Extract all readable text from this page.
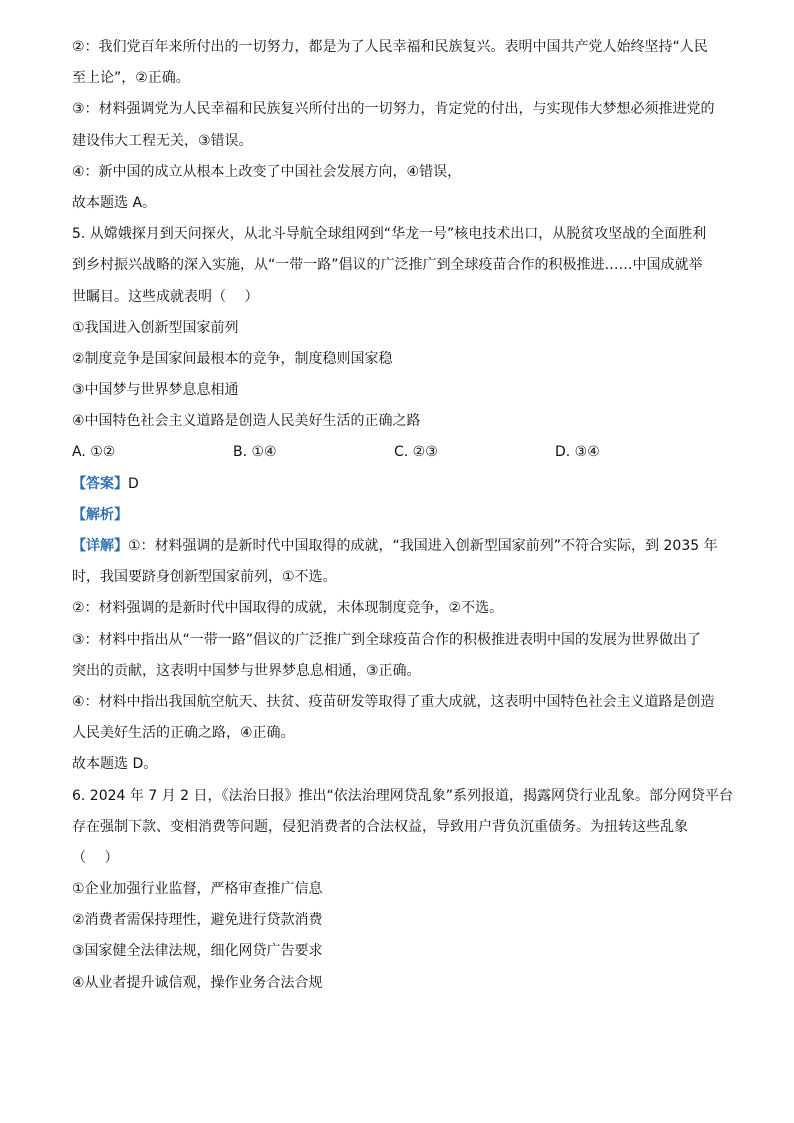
②：我们党百年来所付出的一切努力，都是为了人民幸福和民族复兴。表明中国共产党人始终坚持“人民
至上论”，②正确。
③：材料强调党为人民幸福和民族复兴所付出的一切努力，肯定党的付出，与实现伟大梦想必须推进党的
建设伟大工程无关，③错误。
④：新中国的成立从根本上改变了中国社会发展方向，④错误，
故本题选 A。
5. 从嫦娥探月到天问探火，从北斗导航全球组网到“华龙一号”核电技术出口，从脱贫攻坚战的全面胜利
到乡村振兴战略的深入实施，从“一带一路”倡议的广泛推广到全球疫苗合作的积极推进……中国成就举
世瞩目。这些成就表明（　 ）
①我国进入创新型国家前列
②制度竞争是国家间最根本的竞争，制度稳则国家稳
③中国梦与世界梦息息相通
④中国特色社会主义道路是创造人民美好生活的正确之路
A. ①②	B. ①④	C. ②③	D. ③④
【答案】D
【解析】
【详解】①：材料强调的是新时代中国取得的成就，“我国进入创新型国家前列”不符合实际，到 2035 年
时，我国要跻身创新型国家前列，①不选。
②：材料强调的是新时代中国取得的成就，未体现制度竞争，②不选。
③：材料中指出从“一带一路”倡议的广泛推广到全球疫苗合作的积极推进表明中国的发展为世界做出了
突出的贡献，这表明中国梦与世界梦息息相通，③正确。
④：材料中指出我国航空航天、扶贫、疫苗研发等取得了重大成就，这表明中国特色社会主义道路是创造
人民美好生活的正确之路，④正确。
故本题选 D。
6. 2024 年 7 月 2 日，《法治日报》推出“依法治理网贷乱象”系列报道，揭露网贷行业乱象。部分网贷平台
存在强制下款、变相消费等问题，侵犯消费者的合法权益，导致用户背负沉重债务。为扭转这些乱象
（　 ）
①企业加强行业监督，严格审查推广信息
②消费者需保持理性，避免进行贷款消费
③国家健全法律法规，细化网贷广告要求
④从业者提升诚信观，操作业务合法合规
